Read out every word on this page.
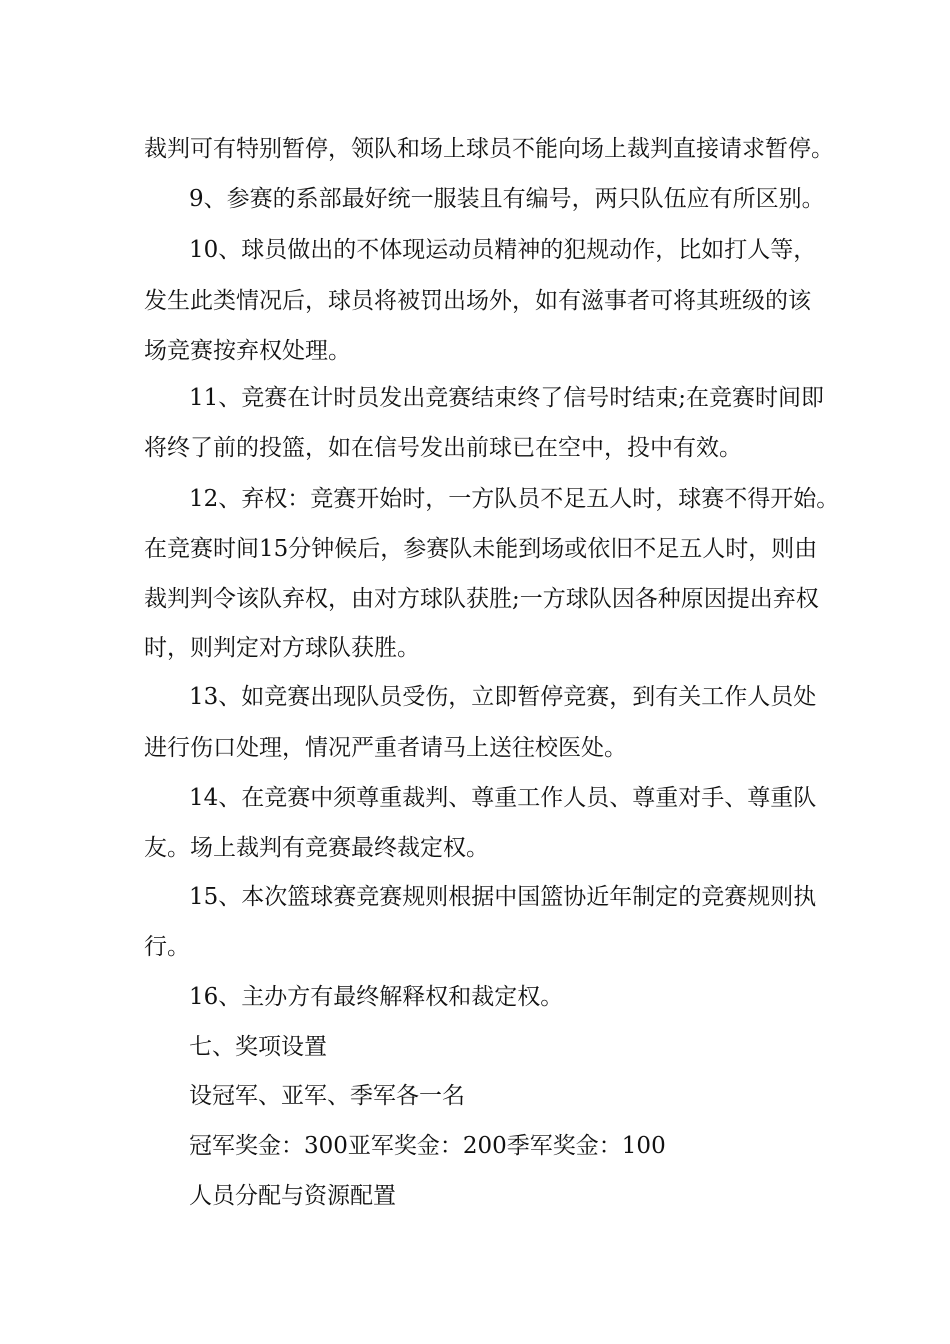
裁判可有特别暂停，领队和场上球员不能向场上裁判直接请求暂停。
9、参赛的系部最好统一服装且有编号，两只队伍应有所区别。
10、球员做出的不体现运动员精神的犯规动作，比如打人等，
发生此类情况后，球员将被罚出场外，如有滋事者可将其班级的该
场竞赛按弃权处理。
11、竞赛在计时员发出竞赛结束终了信号时结束;在竞赛时间即
将终了前的投篮，如在信号发出前球已在空中，投中有效。
12、弃权：竞赛开始时，一方队员不足五人时，球赛不得开始。
在竞赛时间15分钟候后，参赛队未能到场或依旧不足五人时，则由
裁判判令该队弃权，由对方球队获胜;一方球队因各种原因提出弃权
时，则判定对方球队获胜。
13、如竞赛出现队员受伤，立即暂停竞赛，到有关工作人员处
进行伤口处理，情况严重者请马上送往校医处。
14、在竞赛中须尊重裁判、尊重工作人员、尊重对手、尊重队
友。场上裁判有竞赛最终裁定权。
15、本次篮球赛竞赛规则根据中国篮协近年制定的竞赛规则执
行。
16、主办方有最终解释权和裁定权。
七、奖项设置
设冠军、亚军、季军各一名
冠军奖金：300亚军奖金：200季军奖金：100
人员分配与资源配置
